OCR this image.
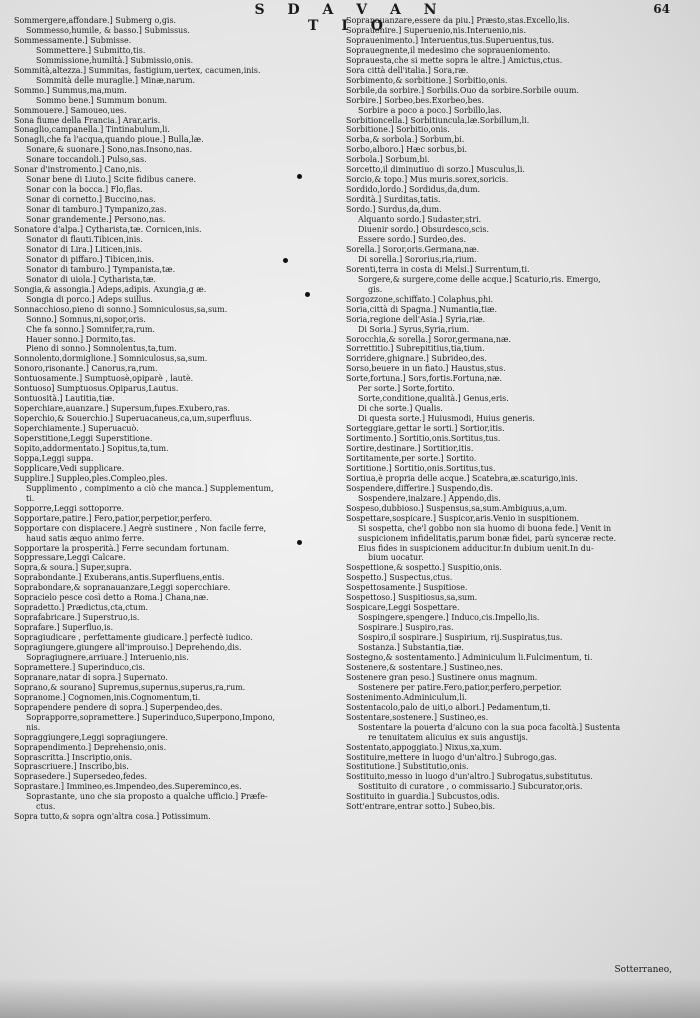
S D A V A N T I O
64
Sommergere,affondare.] Submerg o,gis.
Sommesso,humile, & basso.] Submissus.
Sommessamente.] Submisse.
Sommettere.] Submitto,tis.
Sommissione,humiltà.] Submissio,onis.
Sommità,altezza.] Summitas, fastigium,uertex, cacumen,inis.
Sommità delle muraglie.] Minæ,narum.
Sommo.] Summus,ma,mum.
Sommo bene.] Summum bonum.
Sommouere.] Samoueo,ues.
Sona fiume della Francia.] Arar,aris.
Sonaglio,campanella.] Tintinabulum,li.
Sonagli,che fa l'acqua,quando pioue.] Bulla,læ.
Sonare,& suonare.] Sono,nas.Insono,nas.
Sonare toccandoli.] Pulso,sas.
Sonar d'instromento.] Cano,nis.
Sonar bene di Liuto.] Scite fidibus canere.
Sonar con la bocca.] Flo,flas.
Sonar di cornetto.] Buccino,nas.
Sonar di tamburo.] Tympanizo,zas.
Sonar grandemente.] Persono,nas.
Sonatore d'alpa.] Cytharista,tæ. Cornicen,inis.
Sonator di flauti.Tibicen,inis.
Sonator di Lira.] Liticen,inis.
Sonator di piffaro.] Tibicen,inis.
Sonator di tamburo.] Tympanista,tæ.
Sonator di uiola.] Cytharista,tæ.
Songia,& assongia.] Adeps,adipis. Axungia,g æ.
Songia di porco.] Adeps suillus.
Sonnacchioso,pieno di sonno.] Somniculosus,sa,sum.
Sonno.] Somnus,ni,sopor,oris.
Che fa sonno.] Somnifer,ra,rum.
Hauer sonno.] Dormito,tas.
Pieno di sonno.] Somnolentus,ta,tum.
Sonnolento,dormiglione.] Somniculosus,sa,sum.
Sonoro,risonante.] Canorus,ra,rum.
Sontuosamente.] Sumptuosè,opiparè , lautè.
Sontuoso] Sumptuosus.Opiparus,Lautus.
Sontuosità.] Lautitia,tiæ.
Soperchiare,auanzare.] Supersum,fupes.Exubero,ras.
Soperchio,& Souerchio.] Superuacaneus,ca,um,superfluus.
Soperchiamente.] Superuacuò.
Soperstitione,Leggi Superstitione.
Sopito,addormentato.] Sopitus,ta,tum.
Soppa,Leggi suppa.
Sopplicare,Vedi supplicare.
Supplire.] Suppleo,ples.Compleo,ples.
Supplimento , compimento a ciò che manca.] Supplementum,
ti.
Sopporre,Leggi sottoporre.
Sopportare,patire.] Fero,patior,perpetior,perfero.
Sopportare con dispiacere.] Aegrè sustinere , Non facile ferre,
haud satis æquo animo ferre.
Sopportare la prosperità.] Ferre secundam fortunam.
Soppressare,Leggi Calcare.
Sopra,& soura.] Super,supra.
Soprabondante.] Exuberans,antis.Superfluens,entis.
Soprabondare,& sopranauanzare,Leggi sopercchiare.
Sopracielo pesce così detto a Roma.] Chana,næ.
Sopradetto.] Prædictus,cta,ctum.
Soprafabricare.] Superstruo,is.
Soprafare.] Superfluo,is.
Sopragiudicare , perfettamente giudicare.] perfectè iudico.
Sopragiungere,giungere all'improuiso.] Deprehendo,dis.
Sopragiugnere,arriuare.] Interuenio,nis.
Sopramettere.] Superinduco,cis.
Sopranare,natar di sopra.] Supernato.
Soprano,& sourano] Supremus,supernus,superus,ra,rum.
Sopranome.] Cognomen,inis.Cognomentum,ti.
Soprapendere pendere di sopra.] Superpendeo,des.
Soprapporre,sopramettere.] Superinduco,Superpono,Impono,
nis.
Sopraggiungere,Leggi sopragiungere.
Soprapendimento.] Deprehensio,onis.
Soprascritta.] Inscriptio,onis.
Soprascriuere.] Inscribo,bis.
Soprasedere.] Supersedeo,fedes.
Soprastare.] Immineo,es.Impendeo,des.Supereminco,es.
Soprastante, uno che sia proposto a qualche ufficio.] Præfe-
ctus.
Sopra tutto,& sopra ogn'altra cosa.] Potissimum.
Sopranauanzare,essere da piu.] Præsto,stas.Excello,lis.
Soprauenire.] Superuenio,nis.Interuenio,nis.
Soprauenimento.] Interuentus,tus.Superuentus,tus.
Soprauegnente,il medesimo che sopraueniomento.
Soprauesta,che si mette sopra le altre.] Amictus,ctus.
Sora città dell'italia.] Sora,ræ.
Sorbimento,& sorbitione.] Sorbitio,onis.
Sorbile,da sorbire.] Sorbilis.Ouo da sorbire.Sorbile ouum.
Sorbire.] Sorbeo,bes.Exorbeo,bes.
Sorbire a poco a poco.] Sorbillo,las.
Sorbitioncella.] Sorbitiuncula,læ.Sorbillum,li.
Sorbitione.] Sorbitio,onis.
Sorba,& sorbola.] Sorbum,bi.
Sorbo,alboro.] Hæc sorbus,bi.
Sorbola.] Sorbum,bi.
Sorcetto,il diminutiuo di sorzo.] Musculus,li.
Sorcio,& topo.] Mus muris.sorex,soricis.
Sordido,lordo.] Sordidus,da,dum.
Sordità.] Surditas,tatis.
Sordo.] Surdus,da,dum.
Alquanto sordo.] Sudaster,stri.
Diuenir sordo.] Obsurdesco,scis.
Essere sordo.] Surdeo,des.
Sorella.] Soror,oris.Germana,næ.
Di sorella.] Sororius,ria,rium.
Sorenti,terra in costa di Melsi.] Surrentum,ti.
Sorgere,& surgere,come delle acque.] Scaturio,ris. Emergo,
gis.
Sorgozzone,schiffato.] Colaphus,phi.
Soria,città di Spagna.] Numantia,tiæ.
Soria,regione dell'Asia.] Syria,riæ.
Di Soria.] Syrus,Syria,rium.
Sorocchia,& sorella.] Soror,germana,næ.
Sorrettitio.] Subrepititius,tia,tium.
Sorridere,ghignare.] Subrideo,des.
Sorso,beuere in un fiato.] Haustus,stus.
Sorte,fortuna.] Sors,fortis.Fortuna,næ.
Per sorte.] Sorte,fortito.
Sorte,conditione,qualità.] Genus,eris.
Di che sorte.] Qualis.
Di questa sorte.] Huiusmodi, Huius generis.
Sorteggiare,gettar le sorti.] Sortior,itis.
Sortimento.] Sortitio,onis.Sortitus,tus.
Sortire,destinare.] Sortitior,itis.
Sortitamente,per sorte.] Sortito.
Sortitione.] Sortitio,onis.Sortitus,tus.
Sortiua,è propria delle acque.] Scatebra,æ.scaturigo,inis.
Sospendere,differire.] Suspendo,dis.
Sospendere,inalzare.] Appendo,dis.
Sospeso,dubbioso.] Suspensus,sa,sum.Ambiguus,a,um.
Sospettare,sospicare.] Suspicor,aris.Venio in suspitionem.
Si sospetta, che'l gobbo non sia huomo di buona fede.] Venit in
suspicionem infidelitatis,parum bonæ fidei, parù synceræ recte.
Eius fides in suspicionem adducitur.In dubium uenit.In du-
bium uocatur.
Sospettione,& sospetto.] Suspitio,onis.
Sospetto.] Suspectus,ctus.
Sospettosamente.] Suspitiose.
Sospettoso.] Suspitiosus,sa,sum.
Sospicare,Leggi Sospettare.
Sospingere,spengere.] Induco,cis.Impello,lis.
Sospirare.] Suspiro,ras.
Sospiro,il sospirare.] Suspirium, rij.Suspiratus,tus.
Sostanza.] Substantia,tiæ.
Sostegno,& sostentamento.] Adminiculum li.Fulcimentum, ti.
Sostenere,& sostentare.] Sustineo,nes.
Sostenere gran peso.] Sustinere onus magnum.
Sostenere per patire.Fero,patior,perfero,perpetior.
Sostenimento.Adminiculum,li.
Sostentacolo,palo de uiti,o albori.] Pedamentum,ti.
Sostentare,sostenere.] Sustineo,es.
Sostentare la pouerta d'alcuno con la sua poca facoltà.] Sustenta
re tenuitatem alicuius ex suis angustijs.
Sostentato,appoggiato.] Nixus,xa,xum.
Sostituire,mettere in luogo d'un'altro.] Subrogo,gas.
Sostitutione.] Substitutio,onis.
Sostituito,messo in luogo d'un'altro.] Subrogatus,substitutus.
Sostituito di curatore , o commissario.] Subcurator,oris.
Sostituito in guardia.] Subcustos,odis.
Sott'entrare,entrar sotto.] Subeo,bis.
Sotterraneo,
